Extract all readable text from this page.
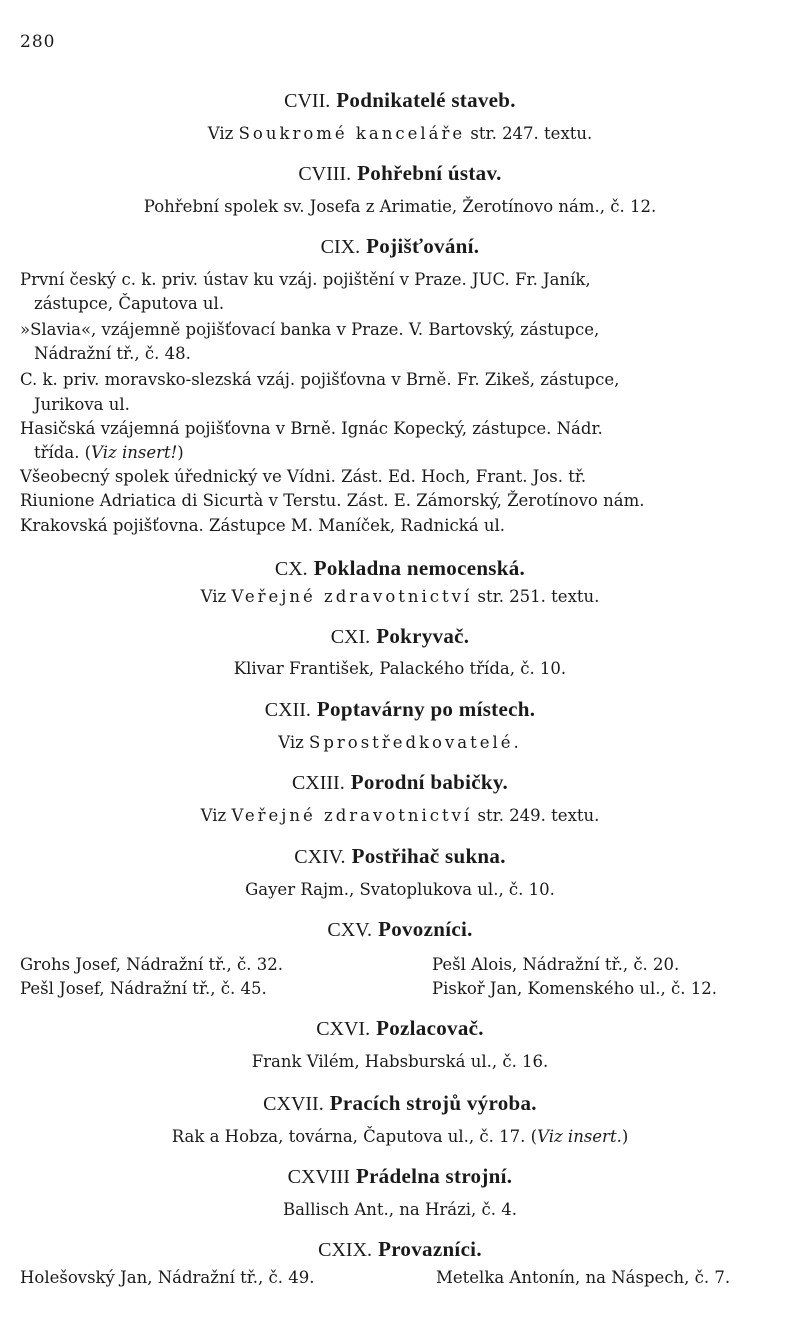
280
CVII. Podnikatelé staveb.
Viz Soukromé kanceláře str. 247. textu.
CVIII. Pohřební ústav.
Pohřební spolek sv. Josefa z Arimatie, Žerotínovo nám., č. 12.
CIX. Pojišťování.
První český c. k. priv. ústav ku vzáj. pojištění v Praze. JUC. Fr. Janík,
zástupce, Čaputova ul.
»Slavia«, vzájemně pojišťovací banka v Praze. V. Bartovský, zástupce,
Nádražní tř., č. 48.
C. k. priv. moravsko-slezská vzáj. pojišťovna v Brně. Fr. Zikeš, zástupce,
Jurikova ul.
Hasičská vzájemná pojišťovna v Brně. Ignác Kopecký, zástupce. Nádr.
třída. (Viz insert!)
Všeobecný spolek úřednický ve Vídni. Zást. Ed. Hoch, Frant. Jos. tř.
Riunione Adriatica di Sicurtà v Terstu. Zást. E. Zámorský, Žerotínovo nám.
Krakovská pojišťovna. Zástupce M. Maníček, Radnická ul.
CX. Pokladna nemocenská.
Viz Veřejné zdravotnictví str. 251. textu.
CXI. Pokryvač.
Klivar František, Palackého třída, č. 10.
CXII. Poptavárny po místech.
Viz Sprostředkovatelé.
CXIII. Porodní babičky.
Viz Veřejné zdravotnictví str. 249. textu.
CXIV. Postřihač sukna.
Gayer Rajm., Svatoplukova ul., č. 10.
CXV. Povozníci.
Grohs Josef, Nádražní tř., č. 32.	Pešl Alois, Nádražní tř., č. 20.
Pešl Josef, Nádražní tř., č. 45.	Piskoř Jan, Komenského ul., č. 12.
CXVI. Pozlacovač.
Frank Vilém, Habsburská ul., č. 16.
CXVII. Pracích strojů výroba.
Rak a Hobza, továrna, Čaputova ul., č. 17. (Viz insert.)
CXVIII Prádelna strojní.
Ballisch Ant., na Hrázi, č. 4.
CXIX. Provazníci.
Holešovský Jan, Nádražní tř., č. 49.	Metelka Antonín, na Náspech, č. 7.
